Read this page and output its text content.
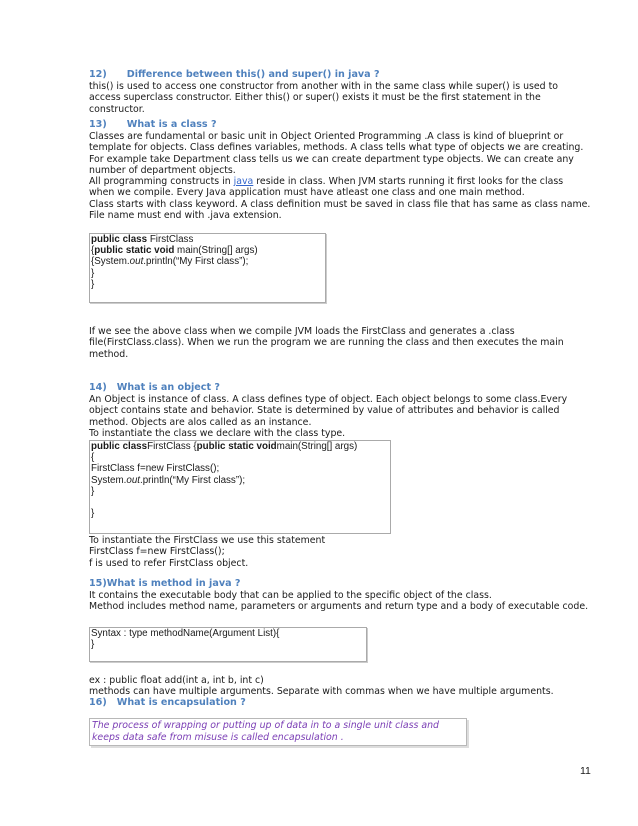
12)      Difference between this() and super() in java ?
this() is used to access one constructor from another with in the same class while super() is used to
access superclass constructor. Either this() or super() exists it must be the first statement in the
constructor.
13)      What is a class ?
Classes are fundamental or basic unit in Object Oriented Programming .A class is kind of blueprint or
template for objects. Class defines variables, methods. A class tells what type of objects we are creating.
For example take Department class tells us we can create department type objects. We can create any
number of department objects.
All programming constructs in java reside in class. When JVM starts running it first looks for the class
when we compile. Every Java application must have atleast one class and one main method.
Class starts with class keyword. A class definition must be saved in class file that has same as class name.
File name must end with .java extension.
public class FirstClass
{public static void main(String[] args)
{System.out.println(“My First class”);
}
}
If we see the above class when we compile JVM loads the FirstClass and generates a .class
file(FirstClass.class). When we run the program we are running the class and then executes the main
method.
14)   What is an object ?
An Object is instance of class. A class defines type of object. Each object belongs to some class.Every
object contains state and behavior. State is determined by value of attributes and behavior is called
method. Objects are alos called as an instance.
To instantiate the class we declare with the class type.
public classFirstClass {public static voidmain(String[] args)
{
FirstClass f=new FirstClass();
System.out.println(“My First class”);
}

}
To instantiate the FirstClass we use this statement
FirstClass f=new FirstClass();
f is used to refer FirstClass object.
15)What is method in java ?
It contains the executable body that can be applied to the specific object of the class.
Method includes method name, parameters or arguments and return type and a body of executable code.
Syntax : type methodName(Argument List){
}
ex : public float add(int a, int b, int c)
methods can have multiple arguments. Separate with commas when we have multiple arguments.
16)   What is encapsulation ?
The process of wrapping or putting up of data in to a single unit class and
keeps data safe from misuse is called encapsulation .
11
